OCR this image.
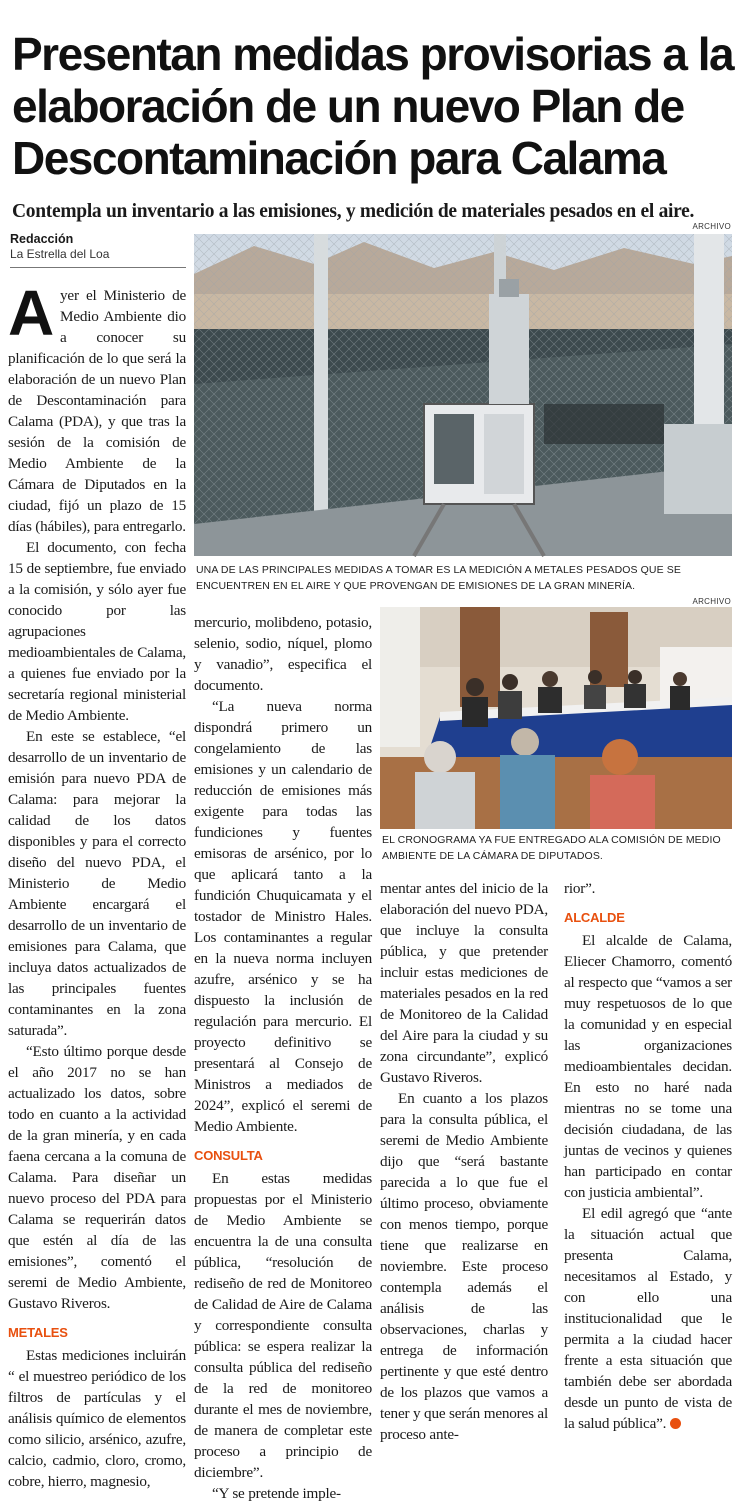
Presentan medidas provisorias a la
elaboración de un nuevo Plan de
Descontaminación para Calama
Contempla un inventario a las emisiones, y medición de materiales pesados en el aire.
Redacción
La Estrella del Loa
ARCHIVO
UNA DE LAS PRINCIPALES MEDIDAS A TOMAR ES LA MEDICIÓN A METALES PESADOS QUE SE ENCUENTREN EN EL AIRE Y QUE PROVENGAN DE EMISIONES DE LA GRAN MINERÍA.
ARCHIVO
EL CRONOGRAMA YA FUE ENTREGADO ALA COMISIÓN DE MEDIO AMBIENTE DE LA CÁMARA DE DIPUTADOS.

Ayer el Ministerio de Medio Ambiente dio a conocer su planificación de lo que será la elaboración de un nuevo Plan de Descontaminación para Calama (PDA), y que tras la sesión de la comisión de Medio Ambiente de la Cámara de Diputados en la ciudad, fijó un plazo de 15 días (hábiles), para entregarlo.

El documento, con fecha 15 de septiembre, fue enviado a la comisión, y sólo ayer fue conocido por las agrupaciones medioambientales de Calama, a quienes fue enviado por la secretaría regional ministerial de Medio Ambiente.

En este se establece, “el desarrollo de un inventario de emisión para nuevo PDA de Calama: para mejorar la calidad de los datos disponibles y para el correcto diseño del nuevo PDA, el Ministerio de Medio Ambiente encargará el desarrollo de un inventario de emisiones para Calama, que incluya datos actualizados de las principales fuentes contaminantes en la zona saturada”.

“Esto último porque desde el año 2017 no se han actualizado los datos, sobre todo en cuanto a la actividad de la gran minería, y en cada faena cercana a la comuna de Calama. Para diseñar un nuevo proceso del PDA para Calama se requerirán datos que estén al día de las emisiones”, comentó el seremi de Medio Ambiente, Gustavo Riveros.

METALES

Estas mediciones incluirán “ el muestreo periódico de los filtros de partículas y el análisis químico de elementos como silicio, arsénico, azufre, calcio, cadmio, cloro, cromo, cobre, hierro, magnesio,

mercurio, molibdeno, potasio, selenio, sodio, níquel, plomo y vanadio”, especifica el documento.

“La nueva norma dispondrá primero un congelamiento de las emisiones y un calendario de reducción de emisiones más exigente para todas las fundiciones y fuentes emisoras de arsénico, por lo que aplicará tanto a la fundición Chuquicamata y el tostador de Ministro Hales. Los contaminantes a regular en la nueva norma incluyen azufre, arsénico y se ha dispuesto la inclusión de regulación para mercurio. El proyecto definitivo se presentará al Consejo de Ministros a mediados de 2024”, explicó el seremi de Medio Ambiente.

CONSULTA

En estas medidas propuestas por el Ministerio de Medio Ambiente se encuentra la de una consulta pública, “resolución de rediseño de red de Monitoreo de Calidad de Aire de Calama y correspondiente consulta pública: se espera realizar la consulta pública del rediseño de la red de monitoreo durante el mes de noviembre, de manera de completar este proceso a principio de diciembre”.

“Y se pretende imple-

mentar antes del inicio de la elaboración del nuevo PDA, que incluye la consulta pública, y que pretender incluir estas mediciones de materiales pesados en la red de Monitoreo de la Calidad del Aire para la ciudad y su zona circundante”, explicó Gustavo Riveros.

En cuanto a los plazos para la consulta pública, el seremi de Medio Ambiente dijo que “será bastante parecida a lo que fue el último proceso, obviamente con menos tiempo, porque tiene que realizarse en noviembre. Este proceso contempla además el análisis de las observaciones, charlas y entrega de información pertinente y que esté dentro de los plazos que vamos a tener y que serán menores al proceso ante-

rior”.

ALCALDE

El alcalde de Calama, Eliecer Chamorro, comentó al respecto que “vamos a ser muy respetuosos de lo que la comunidad y en especial las organizaciones medioambientales decidan. En esto no haré nada mientras no se tome una decisión ciudadana, de las juntas de vecinos y quienes han participado en contar con justicia ambiental”.

El edil agregó que “ante la situación actual que presenta Calama, necesitamos al Estado, y con ello una institucionalidad que le permita a la ciudad hacer frente a esta situación que también debe ser abordada desde un punto de vista de la salud pública”.
